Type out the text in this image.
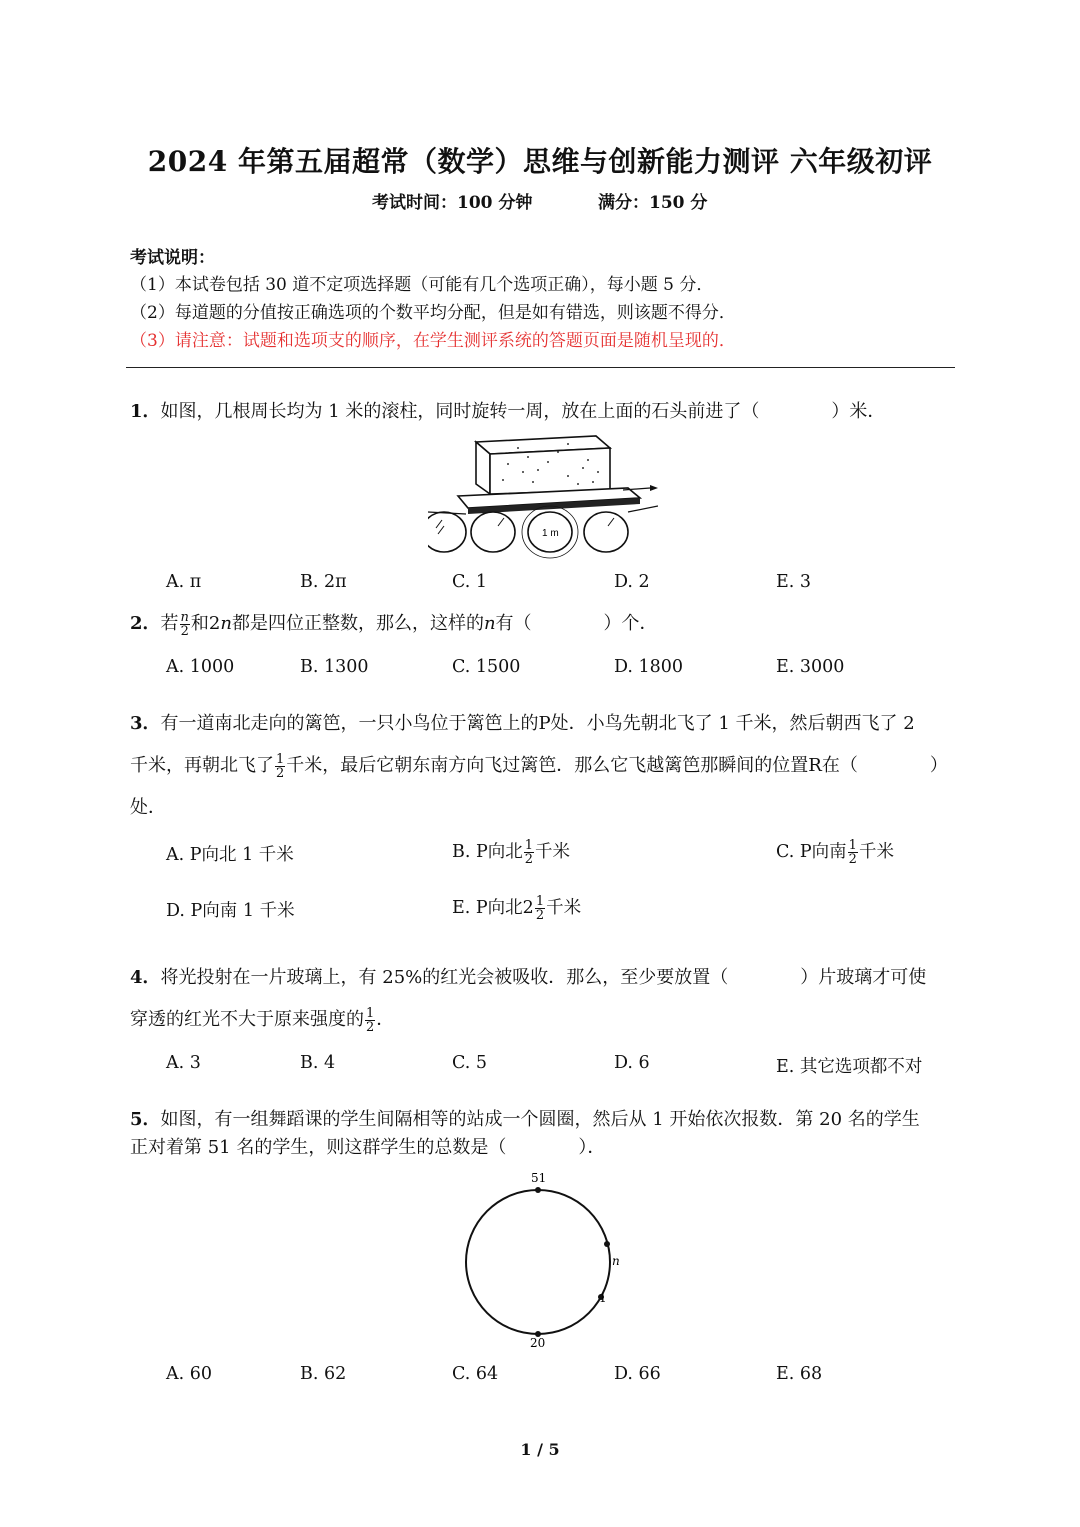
2024 年第五届超常（数学）思维与创新能力测评 六年级初评
考试时间：100 分钟	满分：150 分
考试说明：
（1）本试卷包括 30 道不定项选择题（可能有几个选项正确），每小题 5 分．
（2）每道题的分值按正确选项的个数平均分配，但是如有错选，则该题不得分．
（3）请注意：试题和选项支的顺序，在学生测评系统的答题页面是随机呈现的．
1．如图，几根周长均为 1 米的滚柱，同时旋转一周，放在上面的石头前进了（　　　　）米．
1 m
A. π	B. 2π	C. 1	D. 2	E. 3
2．若 $\frac{n}{2}$ 和2n都是四位正整数，那么，这样的n有（　　　　）个．
A. 1000	B. 1300	C. 1500	D. 1800	E. 3000
3．有一道南北走向的篱笆，一只小鸟位于篱笆上的P处．小鸟先朝北飞了 1 千米，然后朝西飞了 2
千米，再朝北飞了 $\frac{1}{2}$ 千米，最后它朝东南方向飞过篱笆．那么它飞越篱笆那瞬间的位置R在（　　　　）
处．
A. P向北 1 千米	B. P向北 $\frac{1}{2}$ 千米	C. P向南 $\frac{1}{2}$ 千米
D. P向南 1 千米	E. P向北$2 \frac{1}{2}$ 千米
4．将光投射在一片玻璃上，有 25%的红光会被吸收．那么，至少要放置（　　　　）片玻璃才可使
穿透的红光不大于原来强度的 $\frac{1}{2}$ ．
A. 3	B. 4	C. 5	D. 6	E. 其它选项都不对
5．如图，有一组舞蹈课的学生间隔相等的站成一个圆圈，然后从 1 开始依次报数．第 20 名的学生
正对着第 51 名的学生，则这群学生的总数是（　　　　）．
51
n
1
20
A. 60	B. 62	C. 64	D. 66	E. 68
1 / 5
